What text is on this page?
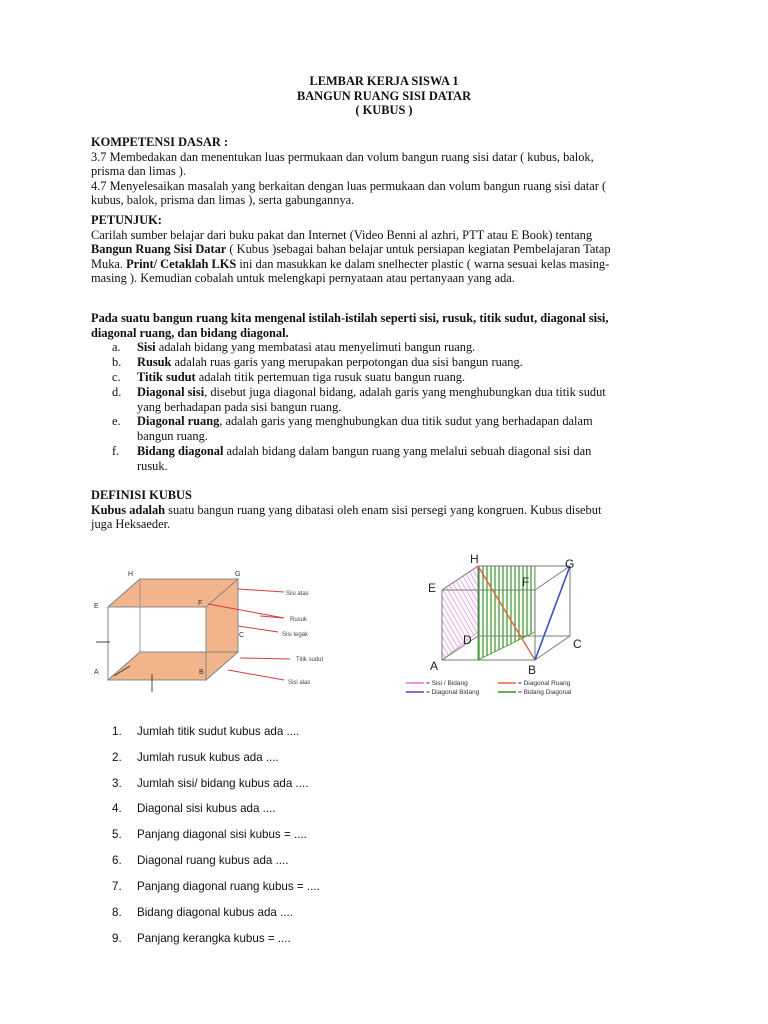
LEMBAR KERJA SISWA 1
BANGUN RUANG SISI DATAR
( KUBUS )

KOMPETENSI DASAR :

3.7 Membedakan dan menentukan luas permukaan dan volum bangun ruang sisi datar ( kubus, balok,

prisma dan limas ).

4.7 Menyelesaikan masalah yang berkaitan dengan luas permukaan dan volum bangun ruang sisi datar (

kubus, balok, prisma dan limas ), serta gabungannya.

PETUNJUK:

Carilah sumber belajar dari buku pakat dan Internet (Video Benni al azhri, PTT atau E Book) tentang

Bangun Ruang Sisi Datar ( Kubus )sebagai bahan belajar untuk persiapan kegiatan Pembelajaran Tatap

Muka. Print/ Cetaklah LKS ini dan masukkan ke dalam snelhecter plastic ( warna sesuai kelas masing-

masing ). Kemudian cobalah untuk melengkapi pernyataan atau pertanyaan yang ada.

Pada suatu bangun ruang kita mengenal istilah-istilah seperti sisi, rusuk, titik sudut, diagonal sisi,

diagonal ruang, dan bidang diagonal.

a. Sisi adalah bidang yang membatasi atau menyelimuti bangun ruang.
b. Rusuk adalah ruas garis yang merupakan perpotongan dua sisi bangun ruang.
c. Titik sudut adalah titik pertemuan tiga rusuk suatu bangun ruang.
d. Diagonal sisi, disebut juga diagonal bidang, adalah garis yang menghubungkan dua titik sudut
yang berhadapan pada sisi bangun ruang.
e. Diagonal ruang, adalah garis yang menghubungkan dua titik sudut yang berhadapan dalam
bangun ruang.
f. Bidang diagonal adalah bidang dalam bangun ruang yang melalui sebuah diagonal sisi dan
rusuk.

DEFINISI KUBUS

Kubus adalah suatu bangun ruang yang dibatasi oleh enam sisi persegi yang kongruen. Kubus disebut

juga Heksaeder.

H	G
E	F
C
A	B
Sisi atas
Rusuk
Sisi tegak
Titik sudut
Sisi alas
H	G
E	F
D	C
A	B
= Sisi / Bidang
= Diagonal Bidang
= Diagonal Ruang
= Bidang Diagonal
1. Jumlah titik sudut kubus ada ....
2. Jumlah rusuk kubus ada ....
3. Jumlah sisi/ bidang kubus ada ....
4. Diagonal sisi kubus ada ....
5. Panjang diagonal sisi kubus = ....
6. Diagonal ruang kubus ada ....
7. Panjang diagonal ruang kubus = ....
8. Bidang diagonal kubus ada ....
9. Panjang kerangka kubus = ....
